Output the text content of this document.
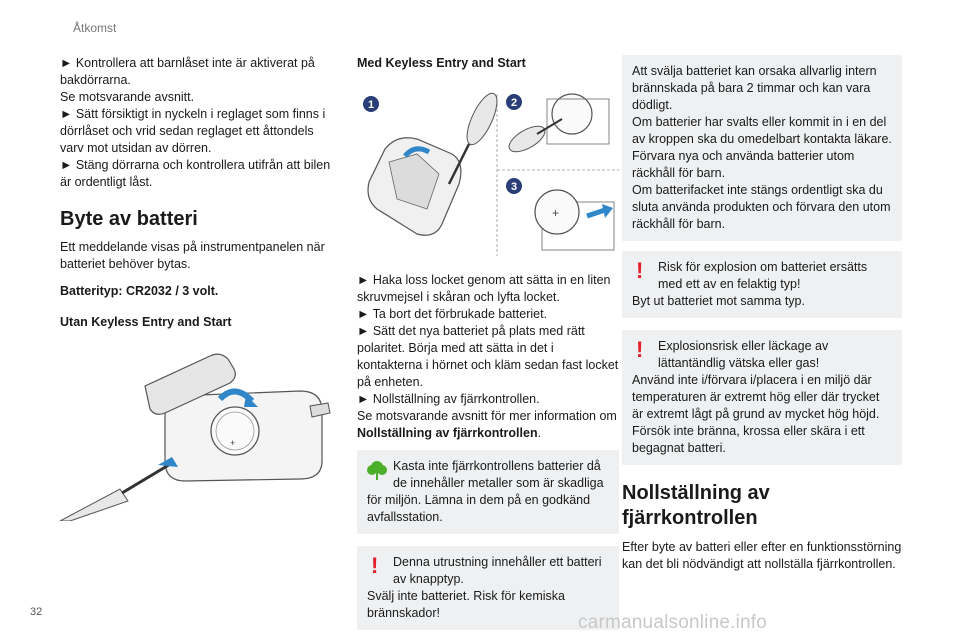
Åtkomst

► Kontrollera att barnlåset inte är aktiverat på bakdörrarna.

Se motsvarande avsnitt.

► Sätt försiktigt in nyckeln i reglaget som finns i dörrlåset och vrid sedan reglaget ett åttondels varv mot utsidan av dörren.

► Stäng dörrarna och kontrollera utifrån att bilen är ordentligt låst.

Byte av batteri

Ett meddelande visas på instrumentpanelen när batteriet behöver bytas.

Batterityp: CR2032 / 3 volt.

Utan Keyless Entry and Start

+

Med Keyless Entry and Start

1	2
3
+

► Haka loss locket genom att sätta in en liten skruvmejsel i skåran och lyfta locket.

► Ta bort det förbrukade batteriet.

► Sätt det nya batteriet på plats med rätt polaritet. Börja med att sätta in det i kontakterna i hörnet och kläm sedan fast locket på enheten.

► Nollställning av fjärrkontrollen.

Se motsvarande avsnitt för mer information om

Nollställning av fjärrkontrollen.

Kasta inte fjärrkontrollens batterier då de innehåller metaller som är skadliga

för miljön. Lämna in dem på en godkänd avfallsstation.

!	Denna utrustning innehåller ett batteri av knapptyp.

Svälj inte batteriet. Risk för kemiska brännskador!

Att svälja batteriet kan orsaka allvarlig intern brännskada på bara 2 timmar och kan vara dödligt.

Om batterier har svalts eller kommit in i en del av kroppen ska du omedelbart kontakta läkare.

Förvara nya och använda batterier utom räckhåll för barn.

Om batterifacket inte stängs ordentligt ska du sluta använda produkten och förvara den utom räckhåll för barn.

!	Risk för explosion om batteriet ersätts med ett av en felaktig typ!

Byt ut batteriet mot samma typ.

!	Explosionsrisk eller läckage av lättantändlig vätska eller gas!

Använd inte i/förvara i/placera i en miljö där temperaturen är extremt hög eller där trycket är extremt lågt på grund av mycket hög höjd. Försök inte bränna, krossa eller skära i ett begagnat batteri.

Nollställning av fjärrkontrollen

Efter byte av batteri eller efter en funktionsstörning kan det bli nödvändigt att nollställa fjärrkontrollen.

32	carmanualsonline.info
